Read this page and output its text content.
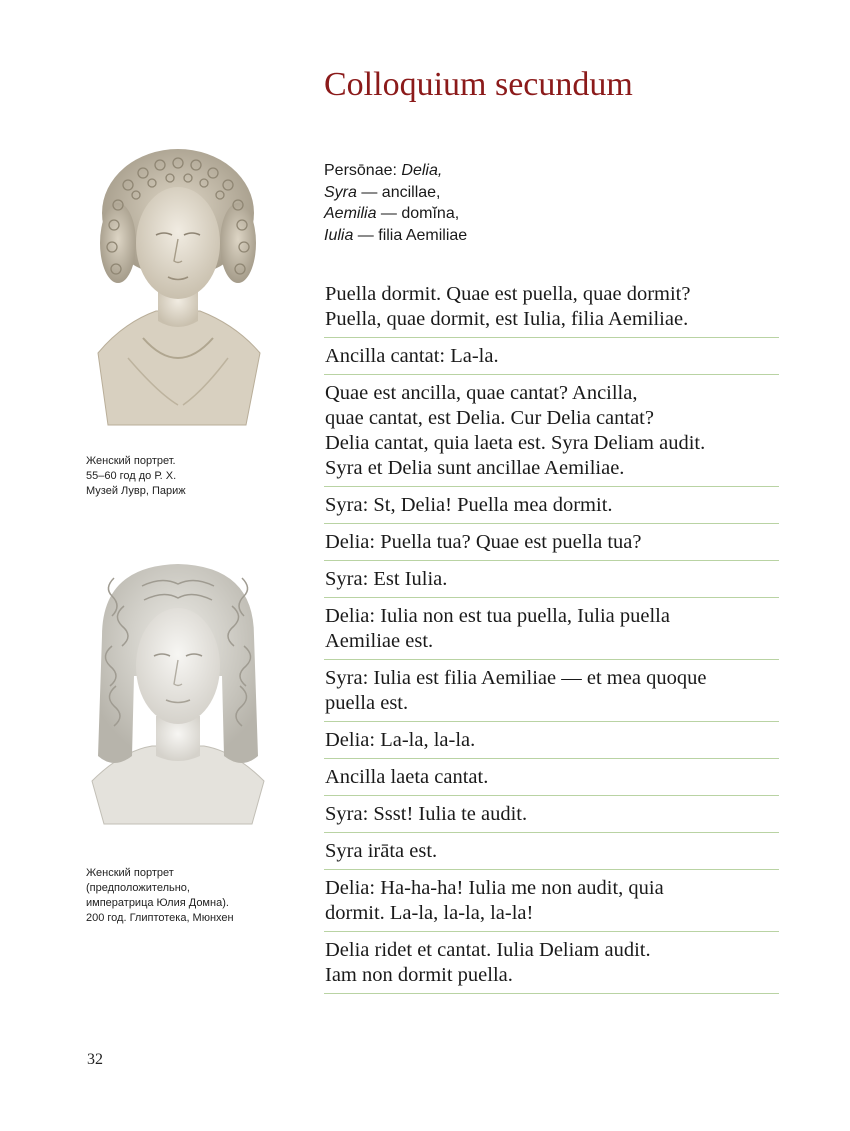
Colloquium secundum
Persōnae: Delia,
Syra — ancillae,
Aemilia — domĭna,
Iulia — filia Aemiliae

Puella dormit. Quae est puella, quae dormit?
Puella, quae dormit, est Iulia, filia Aemiliae.

Ancilla cantat: La-la.

Quae est ancilla, quae cantat? Ancilla,
quae cantat, est Delia. Cur Delia cantat?
Delia cantat, quia laeta est. Syra Deliam audit.
Syra et Delia sunt ancillae Aemiliae.

Syra: St, Delia! Puella mea dormit.

Delia: Puella tua? Quae est puella tua?

Syra: Est Iulia.

Delia: Iulia non est tua puella, Iulia puella
Aemiliae est.

Syra: Iulia est filia Aemiliae — et mea quoque
puella est.

Delia: La-la, la-la.

Ancilla laeta cantat.

Syra: Ssst! Iulia te audit.

Syra irāta est.

Delia: Ha-ha-ha! Iulia me non audit, quia
dormit. La-la, la-la, la-la!

Delia ridet et cantat. Iulia Deliam audit.
Iam non dormit puella.

Женский портрет.
55–60 год до Р. Х.
Музей Лувр, Париж
Женский портрет
(предположительно,
императрица Юлия Домна).
200 год. Глиптотека, Мюнхен
32
